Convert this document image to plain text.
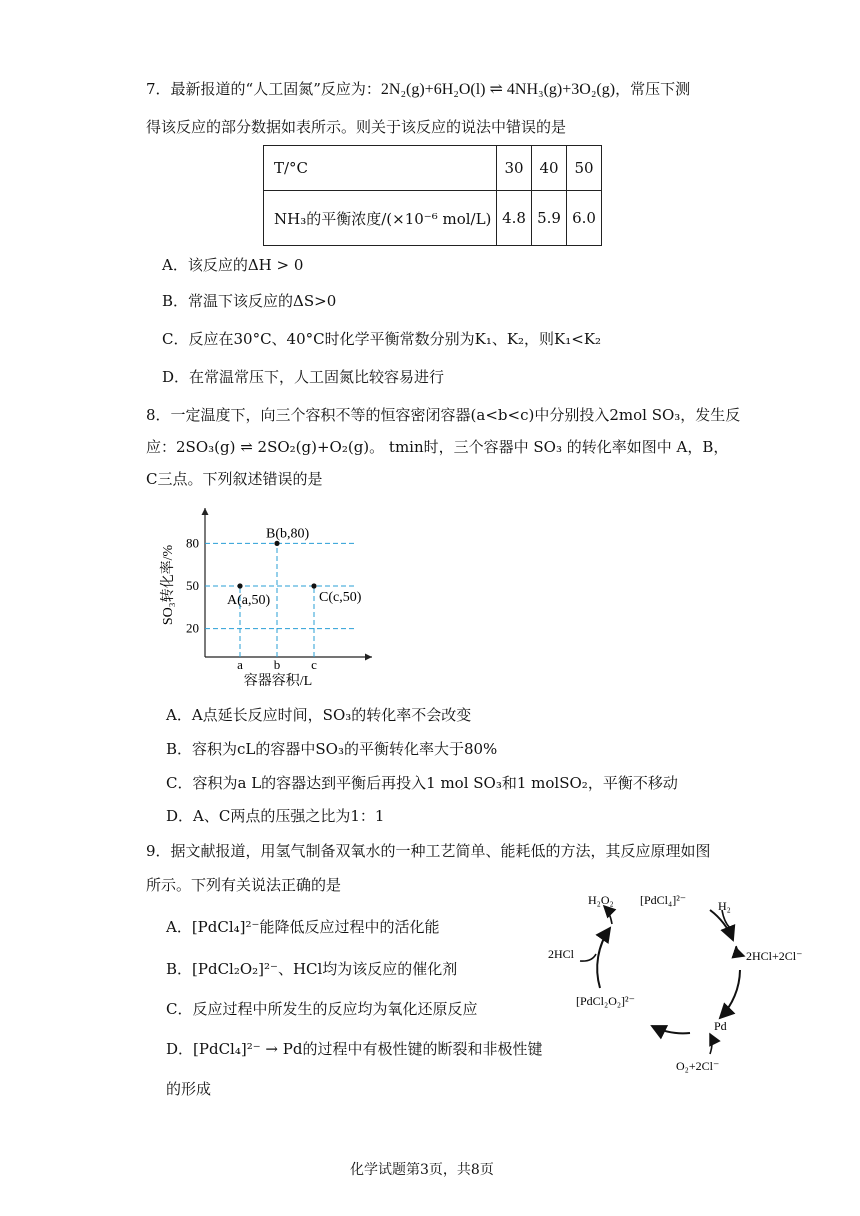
7．最新报道的“人工固氮”反应为：2N₂(g)+6H₂O(l) ⇌ 4NH₃(g)+3O₂(g)，常压下测
得该反应的部分数据如表所示。则关于该反应的说法中错误的是
T/°C	30	40	50
NH₃的平衡浓度/(×10⁻⁶ mol/L)	4.8	5.9	6.0
A．该反应的ΔH > 0
B．常温下该反应的ΔS>0
C．反应在30°C、40°C时化学平衡常数分别为K₁、K₂，则K₁<K₂
D．在常温常压下，人工固氮比较容易进行
8．一定温度下，向三个容积不等的恒容密闭容器(a<b<c)中分别投入2mol SO₃，发生反
应：2SO₃(g) ⇌ 2SO₂(g)+O₂(g)。 tmin时，三个容器中 SO₃ 的转化率如图中 A，B，
C三点。下列叙述错误的是
20
50
80
a b c
A(a,50)
B(b,80)
C(c,50)
SO₃转化率/%
容器容积/L
A．A点延长反应时间，SO₃的转化率不会改变
B．容积为cL的容器中SO₃的平衡转化率大于80%
C．容积为a L的容器达到平衡后再投入1 mol SO₃和1 molSO₂，平衡不移动
D．A、C两点的压强之比为1：1
9．据文献报道，用氢气制备双氧水的一种工艺简单、能耗低的方法，其反应原理如图
所示。下列有关说法正确的是
A．[PdCl₄]²⁻能降低反应过程中的活化能
B．[PdCl₂O₂]²⁻、HCl均为该反应的催化剂
C．反应过程中所发生的反应均为氧化还原反应
D．[PdCl₄]²⁻ → Pd的过程中有极性键的断裂和非极性键
的形成
H₂O₂ [PdCl₄]²⁻	H₂
2HCl+2Cl⁻
2HCl
Pd
[PdCl₂O₂]²⁻
O₂+2Cl⁻
化学试题第3页，共8页
